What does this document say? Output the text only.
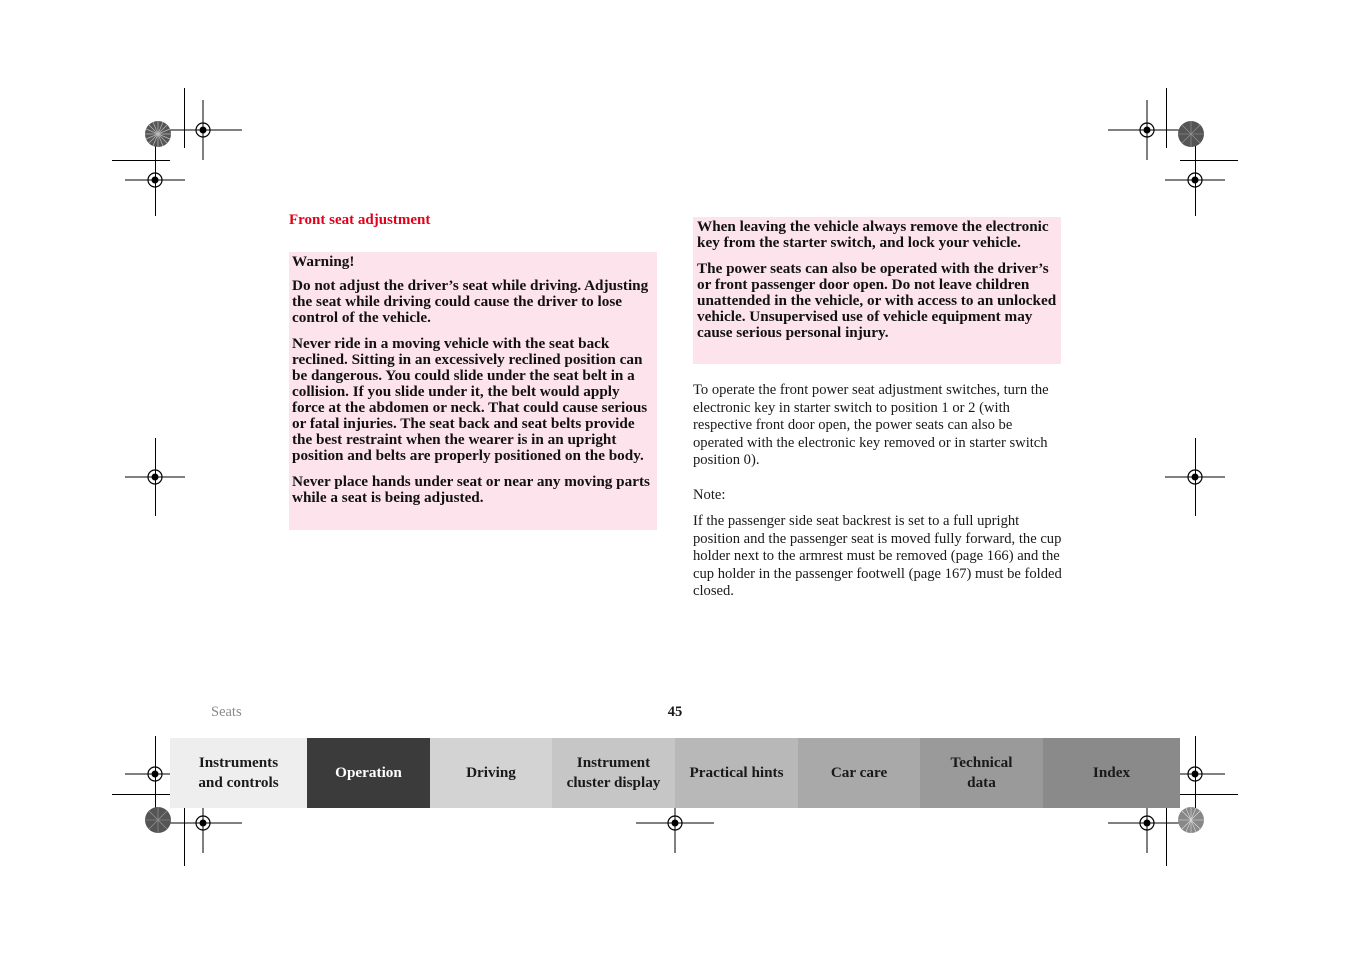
Front seat adjustment

Warning!

Do not adjust the driver’s seat while driving. Adjusting the seat while driving could cause the driver to lose control of the vehicle.

Never ride in a moving vehicle with the seat back reclined. Sitting in an excessively reclined position can be dangerous. You could slide under the seat belt in a collision. If you slide under it, the belt would apply force at the abdomen or neck. That could cause serious or fatal injuries. The seat back and seat belts provide the best restraint when the wearer is in an upright position and belts are properly positioned on the body.

Never place hands under seat or near any moving parts while a seat is being adjusted.

When leaving the vehicle always remove the electronic key from the starter switch, and lock your vehicle.

The power seats can also be operated with the driver’s or front passenger door open. Do not leave children unattended in the vehicle, or with access to an unlocked vehicle. Unsupervised use of vehicle equipment may cause serious personal injury.

To operate the front power seat adjustment switches, turn the electronic key in starter switch to position 1 or 2 (with respective front door open, the power seats can also be operated with the electronic key removed or in starter switch position 0).

Note:

If the passenger side seat backrest is set to a full upright position and the passenger seat is moved fully forward, the cup holder next to the armrest must be removed (page 166) and the cup holder in the passenger footwell (page 167) must be folded closed.

Seats	45
Instruments
and controls
Operation	Driving
Instrument
cluster display
Practical hints	Car care
Technical
data
Index
